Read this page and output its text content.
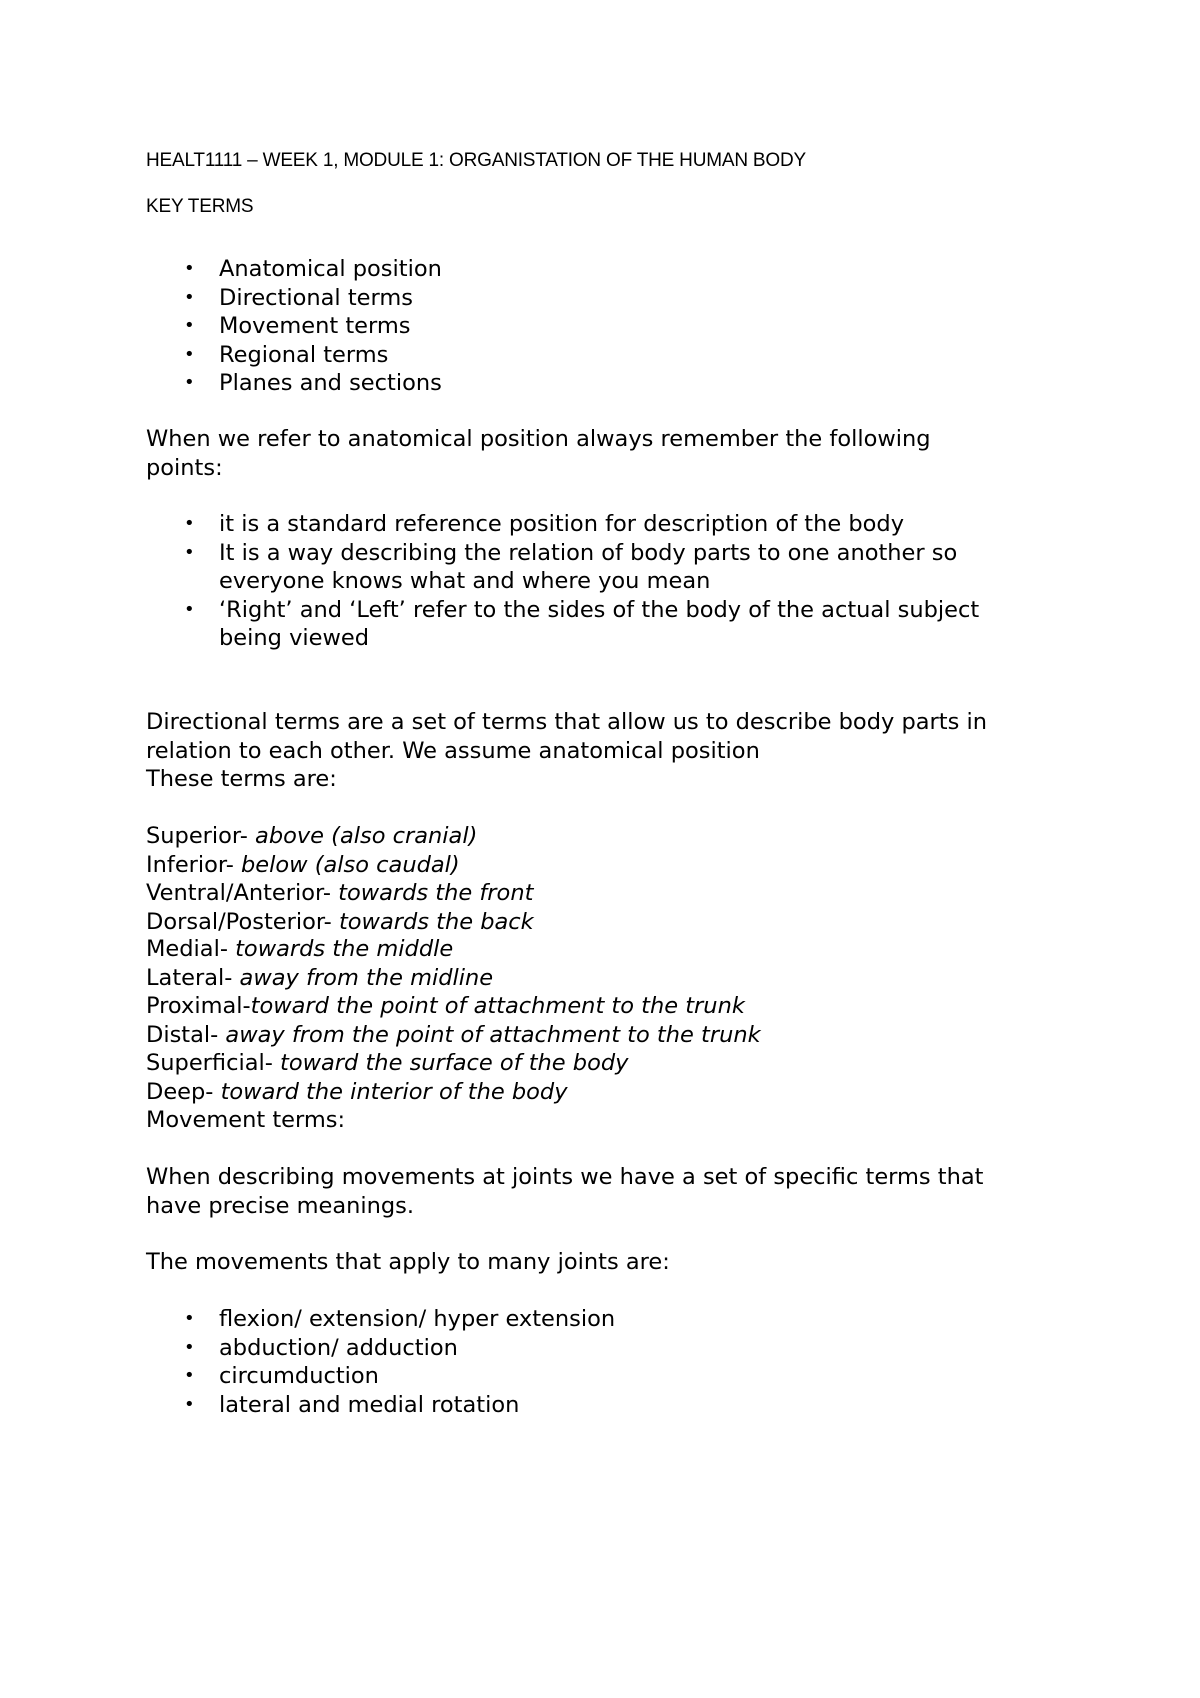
HEALT1111 – WEEK 1, MODULE 1: ORGANISTATION OF THE HUMAN BODY
KEY TERMS
• Anatomical position
• Directional terms
• Movement terms
• Regional terms
• Planes and sections
When we refer to anatomical position always remember the following
points:
• it is a standard reference position for description of the body
• It is a way describing the relation of body parts to one another so
everyone knows what and where you mean
• ‘Right’ and ‘Left’ refer to the sides of the body of the actual subject
being viewed
Directional terms are a set of terms that allow us to describe body parts in
relation to each other. We assume anatomical position
These terms are:
Superior- above (also cranial)
Inferior- below (also caudal)
Ventral/Anterior- towards the front
Dorsal/Posterior- towards the back
Medial- towards the middle
Lateral- away from the midline
Proximal-toward the point of attachment to the trunk
Distal- away from the point of attachment to the trunk
Superficial- toward the surface of the body
Deep- toward the interior of the body
Movement terms:
When describing movements at joints we have a set of specific terms that
have precise meanings.
The movements that apply to many joints are:
• flexion/ extension/ hyper extension
• abduction/ adduction
• circumduction
• lateral and medial rotation
